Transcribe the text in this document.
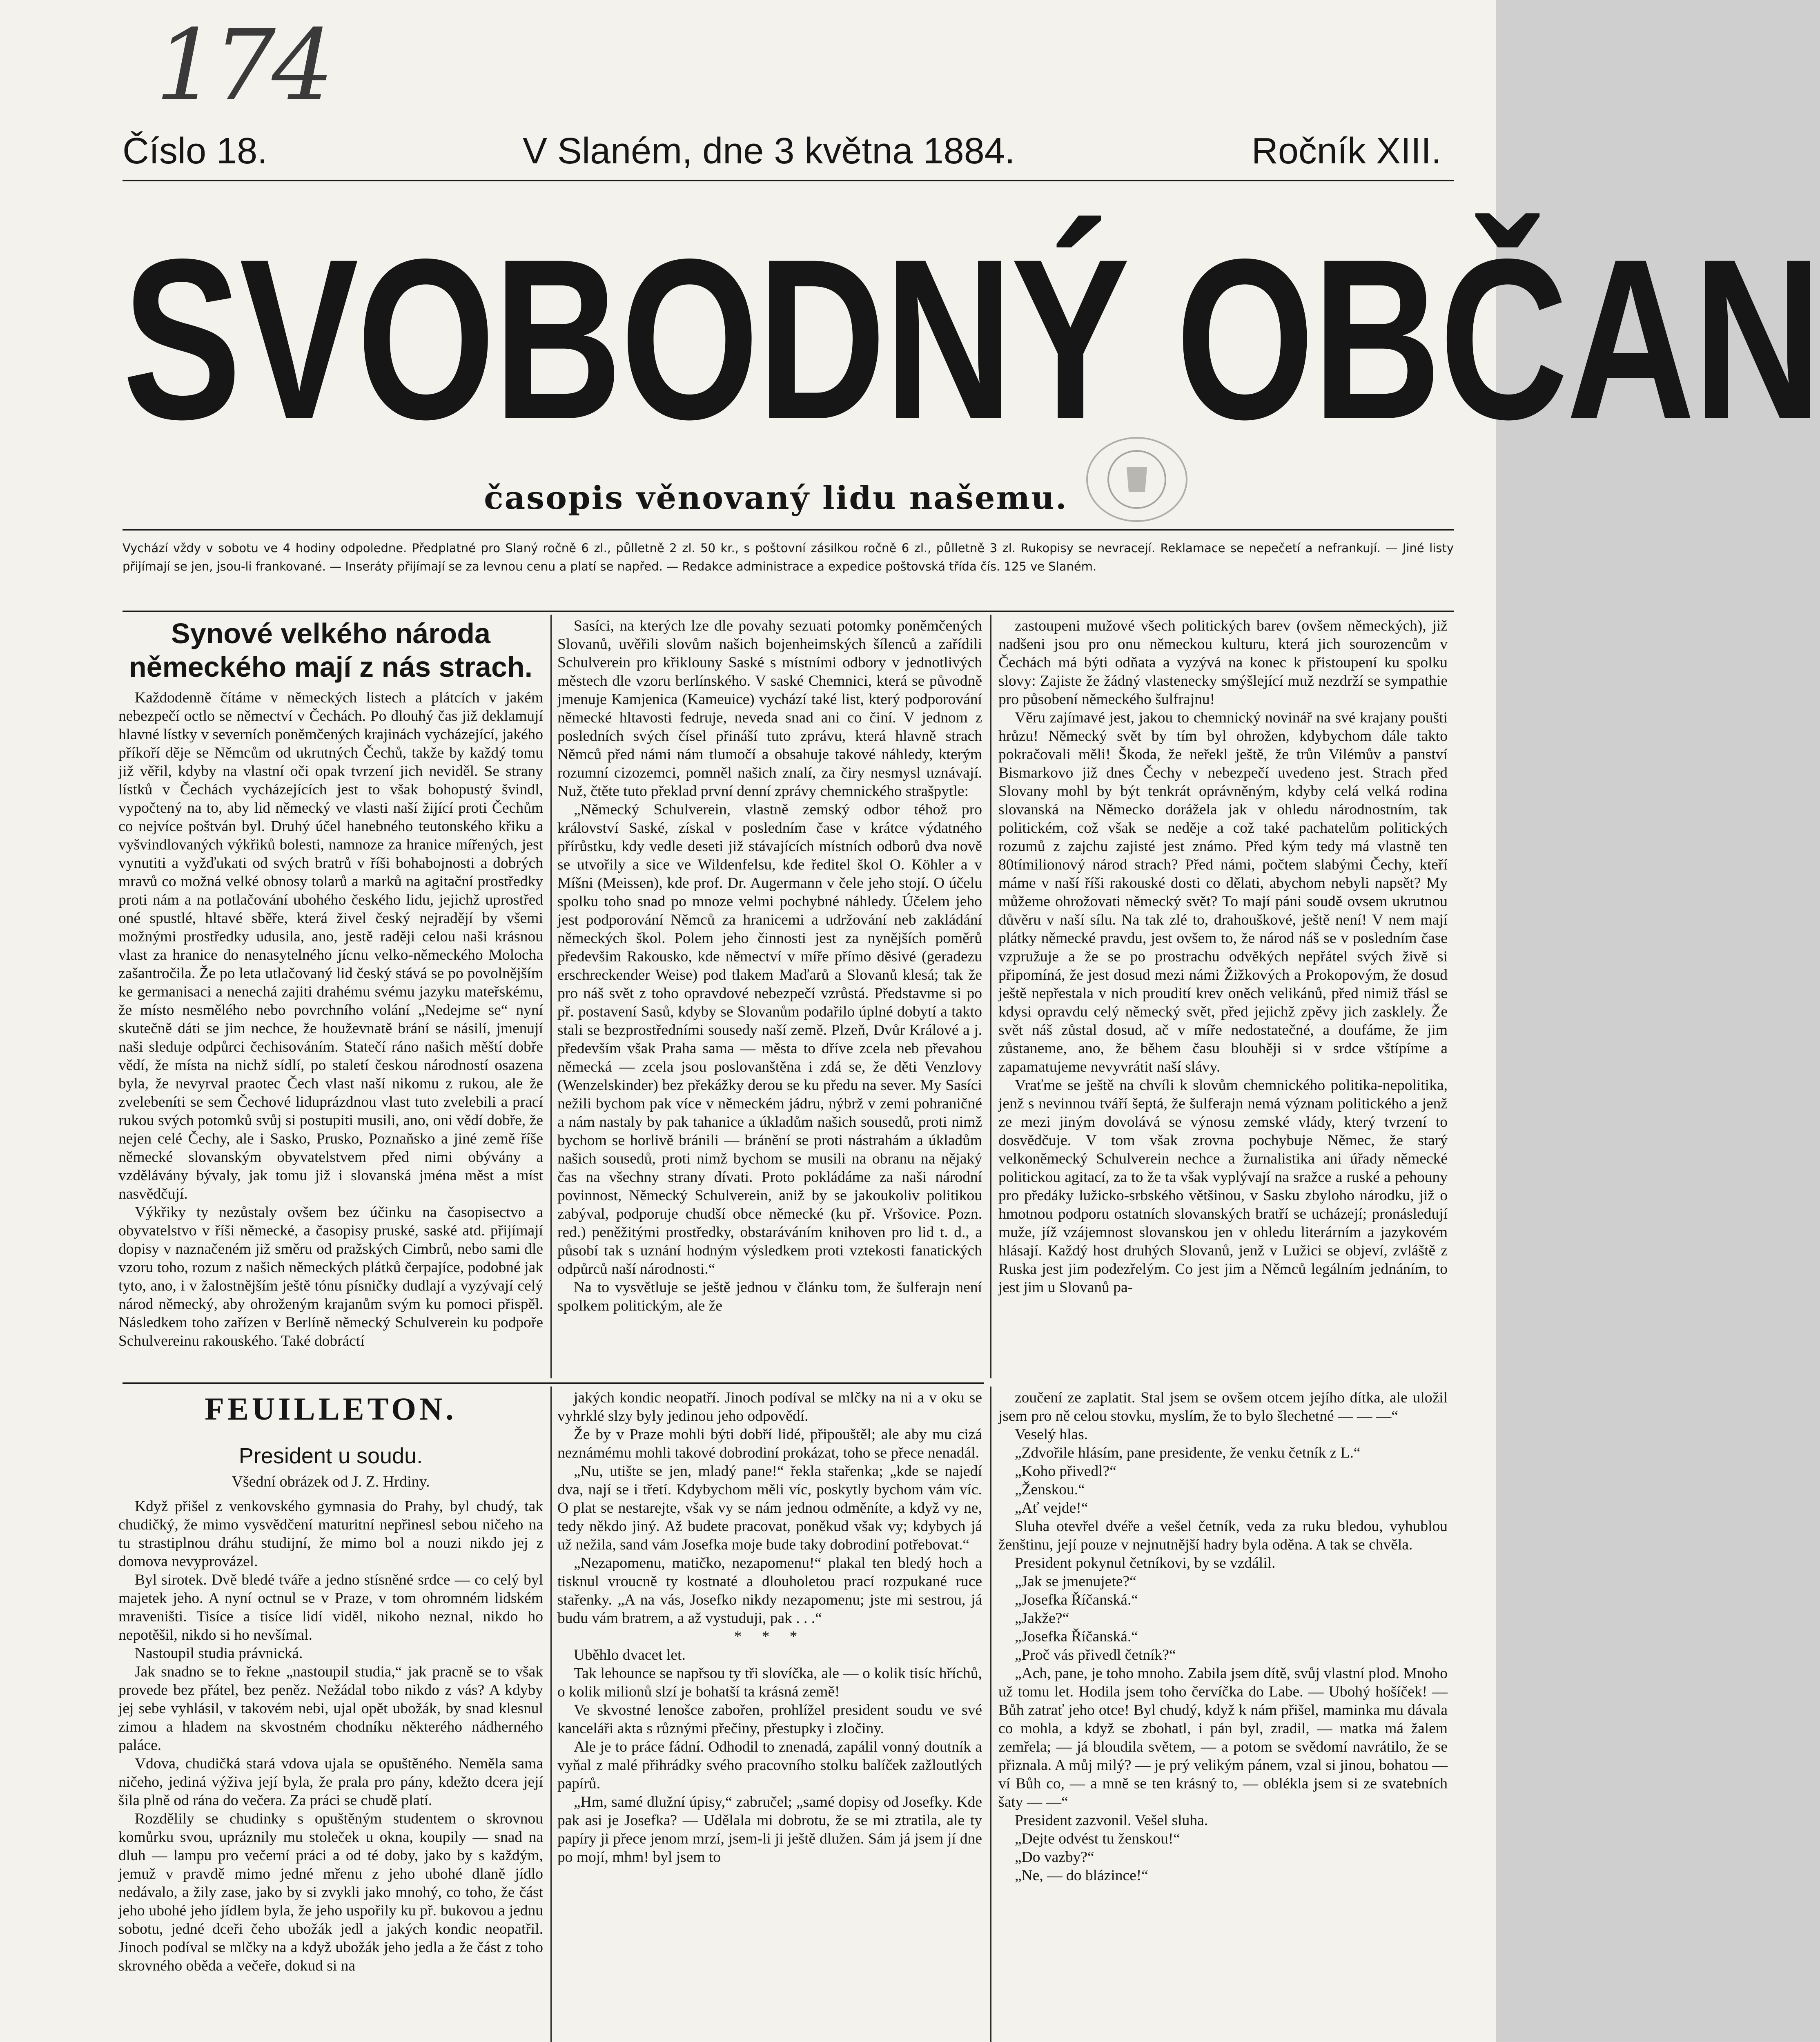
174
Číslo 18.	V Slaném, dne 3 května 1884.	Ročník XIII.
SVOBODNÝ OBČAN
časopis věnovaný lidu našemu.
Vychází vždy v sobotu ve 4 hodiny odpoledne. Předplatné pro Slaný ročně 6 zl., půlletně 2 zl. 50 kr., s poštovní zásilkou ročně 6 zl., půlletně 3 zl. Rukopisy se nevracejí. Reklamace se nepečetí a nefrankují. — Jiné listy přijímají se jen, jsou-li frankované. — Inseráty přijímají se za levnou cenu a platí se napřed. — Redakce administrace a expedice poštovská třída čís. 125 ve Slaném.
Synové velkého národa německého mají z nás strach.

Každodenně čítáme v německých listech a plátcích v jakém nebezpečí octlo se němectví v Čechách. Po dlouhý čas již deklamují hlavné lístky v severních poněmčených krajinách vycházející, jakého příkoří děje se Němcům od ukrutných Čechů, takže by každý tomu již věřil, kdyby na vlastní oči opak tvrzení jich neviděl. Se strany lístků v Čechách vycházejících jest to však bohopustý švindl, vypočtený na to, aby lid německý ve vlasti naší žijící proti Čechům co nejvíce poštván byl. Druhý účel hanebného teutonského křiku a vyšvindlovaných výkřiků bolesti, namnoze za hranice mířených, jest vynutiti a vyžďukati od svých bratrů v říši bohabojnosti a dobrých mravů co možná velké obnosy tolarů a marků na agitační prostředky proti nám a na potlačování ubohého českého lidu, jejichž uprostřed oné spustlé, hltavé sběře, která živel český nejradějí by všemi možnými prostředky udusila, ano, jestě raději celou naši krásnou vlast za hranice do nenasytelného jícnu velko-německého Molocha zašantročila. Že po leta utlačovaný lid český stává se po povolnějším ke germanisaci a nenechá zajiti drahému svému jazyku mateřskému, že místo nesmělého nebo povrchního volání „Nedejme se“ nyní skutečně dáti se jim nechce, že houževnatě brání se násilí, jmenují naši sleduje odpůrci čechisováním. Statečí ráno našich měští dobře vědí, že místa na nichž sídlí, po staletí českou národností osazena byla, že nevyrval praotec Čech vlast naší nikomu z rukou, ale že zvelebeníti se sem Čechové liduprázdnou vlast tuto zvelebili a prací rukou svých potomků svůj si postupiti musili, ano, oni vědí dobře, že nejen celé Čechy, ale i Sasko, Prusko, Poznaňsko a jiné země říše německé slovanským obyvatelstvem před nimi obývány a vzdělávány bývaly, jak tomu již i slovanská jména měst a míst nasvědčují.

Výkřiky ty nezůstaly ovšem bez účinku na časopisectvo a obyvatelstvo v říši německé, a časopisy pruské, saské atd. přijímají dopisy v naznačeném již směru od pražských Cimbrů, nebo sami dle vzoru toho, rozum z našich německých plátků čerpajíce, podobné jak tyto, ano, i v žalostnějším ještě tónu písničky dudlají a vyzývají celý národ německý, aby ohroženým krajanům svým ku pomoci přispěl. Následkem toho zařízen v Berlíně německý Schulverein ku podpoře Schulvereinu rakouského. Také dobráctí

Sasíci, na kterých lze dle povahy sezuati potomky poněmčených Slovanů, uvěřili slovům našich bojenheimských šílenců a zařídili Schulverein pro křiklouny Saské s místními odbory v jednotlivých městech dle vzoru berlínského. V saské Chemnici, která se původně jmenuje Kamjenica (Kameuice) vychází také list, který podporování německé hltavosti fedruje, neveda snad ani co činí. V jednom z posledních svých čísel přináší tuto zprávu, která hlavně strach Němců před námi nám tlumočí a obsahuje takové náhledy, kterým rozumní cizozemci, pomněl našich znalí, za čiry nesmysl uznávají. Nuž, čtěte tuto překlad první denní zprávy chemnického strašpytle:

„Německý Schulverein, vlastně zemský odbor téhož pro království Saské, získal v posledním čase v krátce výdatného přírůstku, kdy vedle deseti již stávajících místních odborů dva nově se utvořily a sice ve Wildenfelsu, kde ředitel škol O. Köhler a v Míšni (Meissen), kde prof. Dr. Augermann v čele jeho stojí. O účelu spolku toho snad po mnoze velmi pochybné náhledy. Účelem jeho jest podporování Němců za hranicemi a udržování neb zakládání německých škol. Polem jeho činnosti jest za nynějších poměrů předevšim Rakousko, kde němectví v míře přímo děsivé (geradezu erschreckender Weise) pod tlakem Maďarů a Slovanů klesá; tak že pro náš svět z toho opravdové nebezpečí vzrůstá. Představme si po př. postavení Sasů, kdyby se Slovanům podařilo úplné dobytí a takto stali se bezprostředními sousedy naší země. Plzeň, Dvůr Králové a j. především však Praha sama — města to dříve zcela neb převahou německá — zcela jsou poslovanštěna i zdá se, že děti Venzlovy (Wenzelskinder) bez překážky derou se ku předu na sever. My Sasíci nežili bychom pak více v německém jádru, nýbrž v zemi pohraničné a nám nastaly by pak tahanice a úkladům našich sousedů, proti nimž bychom se horlivě bránili — bránění se proti nástrahám a úkladům našich sousedů, proti nimž bychom se musili na obranu na nějaký čas na všechny strany dívati. Proto pokládáme za naši národní povinnost, Německý Schulverein, aniž by se jakoukoliv politikou zabýval, podporuje chudší obce německé (ku př. Vršovice. Pozn. red.) peněžitými prostředky, obstaráváním knihoven pro lid t. d., a působí tak s uznání hodným výsledkem proti vztekosti fanatických odpůrců naší národnosti.“

Na to vysvětluje se ještě jednou v článku tom, že šulferajn není spolkem politickým, ale že

zastoupeni mužové všech politických barev (ovšem německých), již nadšeni jsou pro onu německou kulturu, která jich sourozencům v Čechách má býti odňata a vyzývá na konec k přistoupení ku spolku slovy: Zajiste že žádný vlastenecky smýšlející muž nezdrží se sympathie pro působení německého šulfrajnu!

Věru zajímavé jest, jakou to chemnický novinář na své krajany poušti hrůzu! Německý svět by tím byl ohrožen, kdybychom dále takto pokračovali měli! Škoda, že neřekl ještě, že trůn Vilémův a panství Bismarkovo již dnes Čechy v nebezpečí uvedeno jest. Strach před Slovany mohl by být tenkrát oprávněným, kdyby celá velká rodina slovanská na Německo dorážela jak v ohledu národnostním, tak politickém, což však se neděje a což také pachatelům politických rozumů z zajchu zajisté jest známo. Před kým tedy má vlastně ten 80tímilionový národ strach? Před námi, počtem slabými Čechy, kteří máme v naší říši rakouské dosti co dělati, abychom nebyli napsět? My můžeme ohrožovati německý svět? To mají páni soudě ovsem ukrutnou důvěru v naší sílu. Na tak zlé to, drahouškové, ještě není! V nem mají plátky německé pravdu, jest ovšem to, že národ náš se v posledním čase vzpružuje a že se po prostrachu odvěkých nepřátel svých živě si připomíná, že jest dosud mezi námi Žižkových a Prokopovým, že dosud ještě nepřestala v nich proudití krev oněch velikánů, před nimiž třásl se kdysi opravdu celý německý svět, před jejichž zpěvy jich zasklely. Že svět náš zůstal dosud, ač v míře nedostatečné, a doufáme, že jim zůstaneme, ano, že během času blouhěji si v srdce vštípíme a zapamatujeme nevyvrátit naší slávy.

Vraťme se ještě na chvíli k slovům chemnického politika-nepolitika, jenž s nevinnou tváří šeptá, že šulferajn nemá význam politického a jenž ze mezi jiným dovolává se výnosu zemské vlády, který tvrzení to dosvědčuje. V tom však zrovna pochybuje Němec, že starý velkoněmecký Schulverein nechce a žurnalistika ani úřady německé politickou agitací, za to že ta však vyplývají na sražce a ruské a pehouny pro předáky lužicko-srbského většinou, v Sasku zbyloho národku, již o hmotnou podporu ostatních slovanských bratří se ucházejí; pronásledují muže, jíž vzájemnost slovanskou jen v ohledu literárním a jazykovém hlásají. Každý host druhých Slovanů, jenž v Lužici se objeví, zvláště z Ruska jest jim podezřelým. Co jest jim a Němců legálním jednáním, to jest jim u Slovanů pa-

FEUILLETON.
President u soudu.
Všední obrázek od J. Z. Hrdiny.

Když přišel z venkovského gymnasia do Prahy, byl chudý, tak chudičký, že mimo vysvědčení maturitní nepřinesl sebou ničeho na tu strastiplnou dráhu studijní, že mimo bol a nouzi nikdo jej z domova nevyprovázel.

Byl sirotek. Dvě bledé tváře a jedno stísněné srdce — co celý byl majetek jeho. A nyní octnul se v Praze, v tom ohromném lidském mraveništi. Tisíce a tisíce lidí viděl, nikoho neznal, nikdo ho nepotěšil, nikdo si ho nevšímal.

Nastoupil studia právnická.

Jak snadno se to řekne „nastoupil studia,“ jak pracně se to však provede bez přátel, bez peněz. Nežádal tobo nikdo z vás? A kdyby jej sebe vyhlásil, v takovém nebi, ujal opět ubožák, by snad klesnul zimou a hladem na skvostném chodníku některého nádherného paláce.

Vdova, chudičká stará vdova ujala se opuštěného. Neměla sama ničeho, jediná výživa její byla, že prala pro pány, kdežto dcera její šila plně od rána do večera. Za práci se chudě platí.

Rozdělily se chudinky s opuštěným studentem o skrovnou komůrku svou, upráznily mu stoleček u okna, koupily — snad na dluh — lampu pro večerní práci a od té doby, jako by s každým, jemuž v pravdě mimo jedné mřenu z jeho ubohé dlaně jídlo nedávalo, a žily zase, jako by si zvykli jako mnohý, co toho, že část jeho ubohé jeho jídlem byla, že jeho uspořily ku př. bukovou a jednu sobotu, jedné dceři čeho ubožák jedl a jakých kondic neopatřil. Jinoch podíval se mlčky na a když ubožák jeho jedla a že část z toho skrovného oběda a večeře, dokud si na

jakých kondic neopatří. Jinoch podíval se mlčky na ni a v oku se vyhrklé slzy byly jedinou jeho odpovědí.

Že by v Praze mohli býti dobří lidé, připouštěl; ale aby mu cizá neznámému mohli takové dobrodiní prokázat, toho se přece nenadál.

„Nu, utište se jen, mladý pane!“ řekla stařenka; „kde se najedí dva, nají se i třetí. Kdybychom měli víc, poskytly bychom vám víc. O plat se nestarejte, však vy se nám jednou odměníte, a když vy ne, tedy někdo jiný. Až budete pracovat, poněkud však vy; kdybych já už nežila, sand vám Josefka moje bude taky dobrodiní potřebovat.“

„Nezapomenu, matičko, nezapomenu!“ plakal ten bledý hoch a tisknul vroucně ty kostnaté a dlouholetou prací rozpukané ruce stařenky. „A na vás, Josefko nikdy nezapomenu; jste mi sestrou, já budu vám bratrem, a až vystuduji, pak . . .“

* * *

Uběhlo dvacet let.

Tak lehounce se napřsou ty tři slovíčka, ale — o kolik tisíc hříchů, o kolik milionů slzí je bohatší ta krásná země!

Ve skvostné lenošce zabořen, prohlížel president soudu ve své kanceláři akta s různými přečiny, přestupky i zločiny.

Ale je to práce fádní. Odhodil to znenadá, zapálil vonný doutník a vyňal z malé přihrádky svého pracovního stolku balíček zažloutlých papírů.

„Hm, samé dlužní úpisy,“ zabručel; „samé dopisy od Josefky. Kde pak asi je Josefka? — Udělala mi dobrotu, že se mi ztratila, ale ty papíry ji přece jenom mrzí, jsem-li ji ještě dlužen. Sám já jsem jí dne po mojí, mhm! byl jsem to

zoučení ze zaplatit. Stal jsem se ovšem otcem jejího dítka, ale uložil jsem pro ně celou stovku, myslím, že to bylo šlechetné — — —“

Veselý hlas.

„Zdvořile hlásím, pane presidente, že venku četník z L.“

„Koho přivedl?“

„Ženskou.“

„Ať vejde!“

Sluha otevřel dvéře a vešel četník, veda za ruku bledou, vyhublou ženštinu, její pouze v nejnutnější hadry byla oděna. A tak se chvěla.

President pokynul četníkovi, by se vzdálil.

„Jak se jmenujete?“

„Josefka Říčanská.“

„Jakže?“

„Josefka Říčanská.“

„Proč vás přivedl četník?“

„Ach, pane, je toho mnoho. Zabila jsem dítě, svůj vlastní plod. Mnoho už tomu let. Hodila jsem toho červíčka do Labe. — Ubohý hošíček! — Bůh zatrať jeho otce! Byl chudý, když k nám přišel, maminka mu dávala co mohla, a když se zbohatl, i pán byl, zradil, — matka má žalem zemřela; — já bloudila světem, — a potom se svědomí navrátilo, že se přiznala. A můj milý? — je prý velikým pánem, vzal si jinou, bohatou — ví Bůh co, — a mně se ten krásný to, — oblékla jsem si ze svatebních šaty — —“

President zazvonil. Vešel sluha.

„Dejte odvést tu ženskou!“

„Do vazby?“

„Ne, — do blázince!“
